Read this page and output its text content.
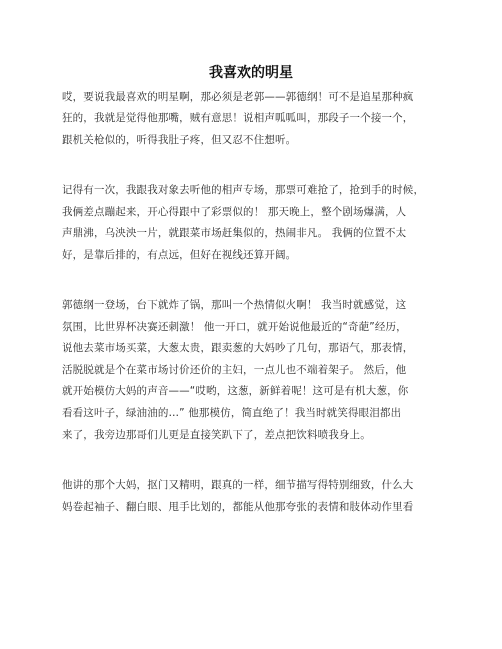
我喜欢的明星
哎，要说我最喜欢的明星啊，那必须是老郭——郭德纲！可不是追星那种疯
狂的，我就是觉得他那嘴，贼有意思！说相声呱呱叫，那段子一个接一个，
跟机关枪似的，听得我肚子疼，但又忍不住想听。
记得有一次，我跟我对象去听他的相声专场，那票可难抢了，抢到手的时候，
我俩差点蹦起来，开心得跟中了彩票似的！ 那天晚上，整个剧场爆满，人
声鼎沸，乌泱泱一片，就跟菜市场赶集似的，热闹非凡。 我俩的位置不太
好，是靠后排的，有点远，但好在视线还算开阔。
郭德纲一登场，台下就炸了锅，那叫一个热情似火啊！ 我当时就感觉，这
氛围，比世界杯决赛还刺激！ 他一开口，就开始说他最近的“奇葩”经历，
说他去菜市场买菜，大葱太贵，跟卖葱的大妈吵了几句，那语气，那表情，
活脱脱就是个在菜市场讨价还价的主妇，一点儿也不端着架子。 然后，他
就开始模仿大妈的声音——“哎哟，这葱，新鲜着呢！这可是有机大葱，你
看看这叶子，绿油油的…” 他那模仿，简直绝了！我当时就笑得眼泪都出
来了，我旁边那哥们儿更是直接笑趴下了，差点把饮料喷我身上。
他讲的那个大妈，抠门又精明，跟真的一样，细节描写得特别细致，什么大
妈卷起袖子、翻白眼、甩手比划的，都能从他那夸张的表情和肢体动作里看
